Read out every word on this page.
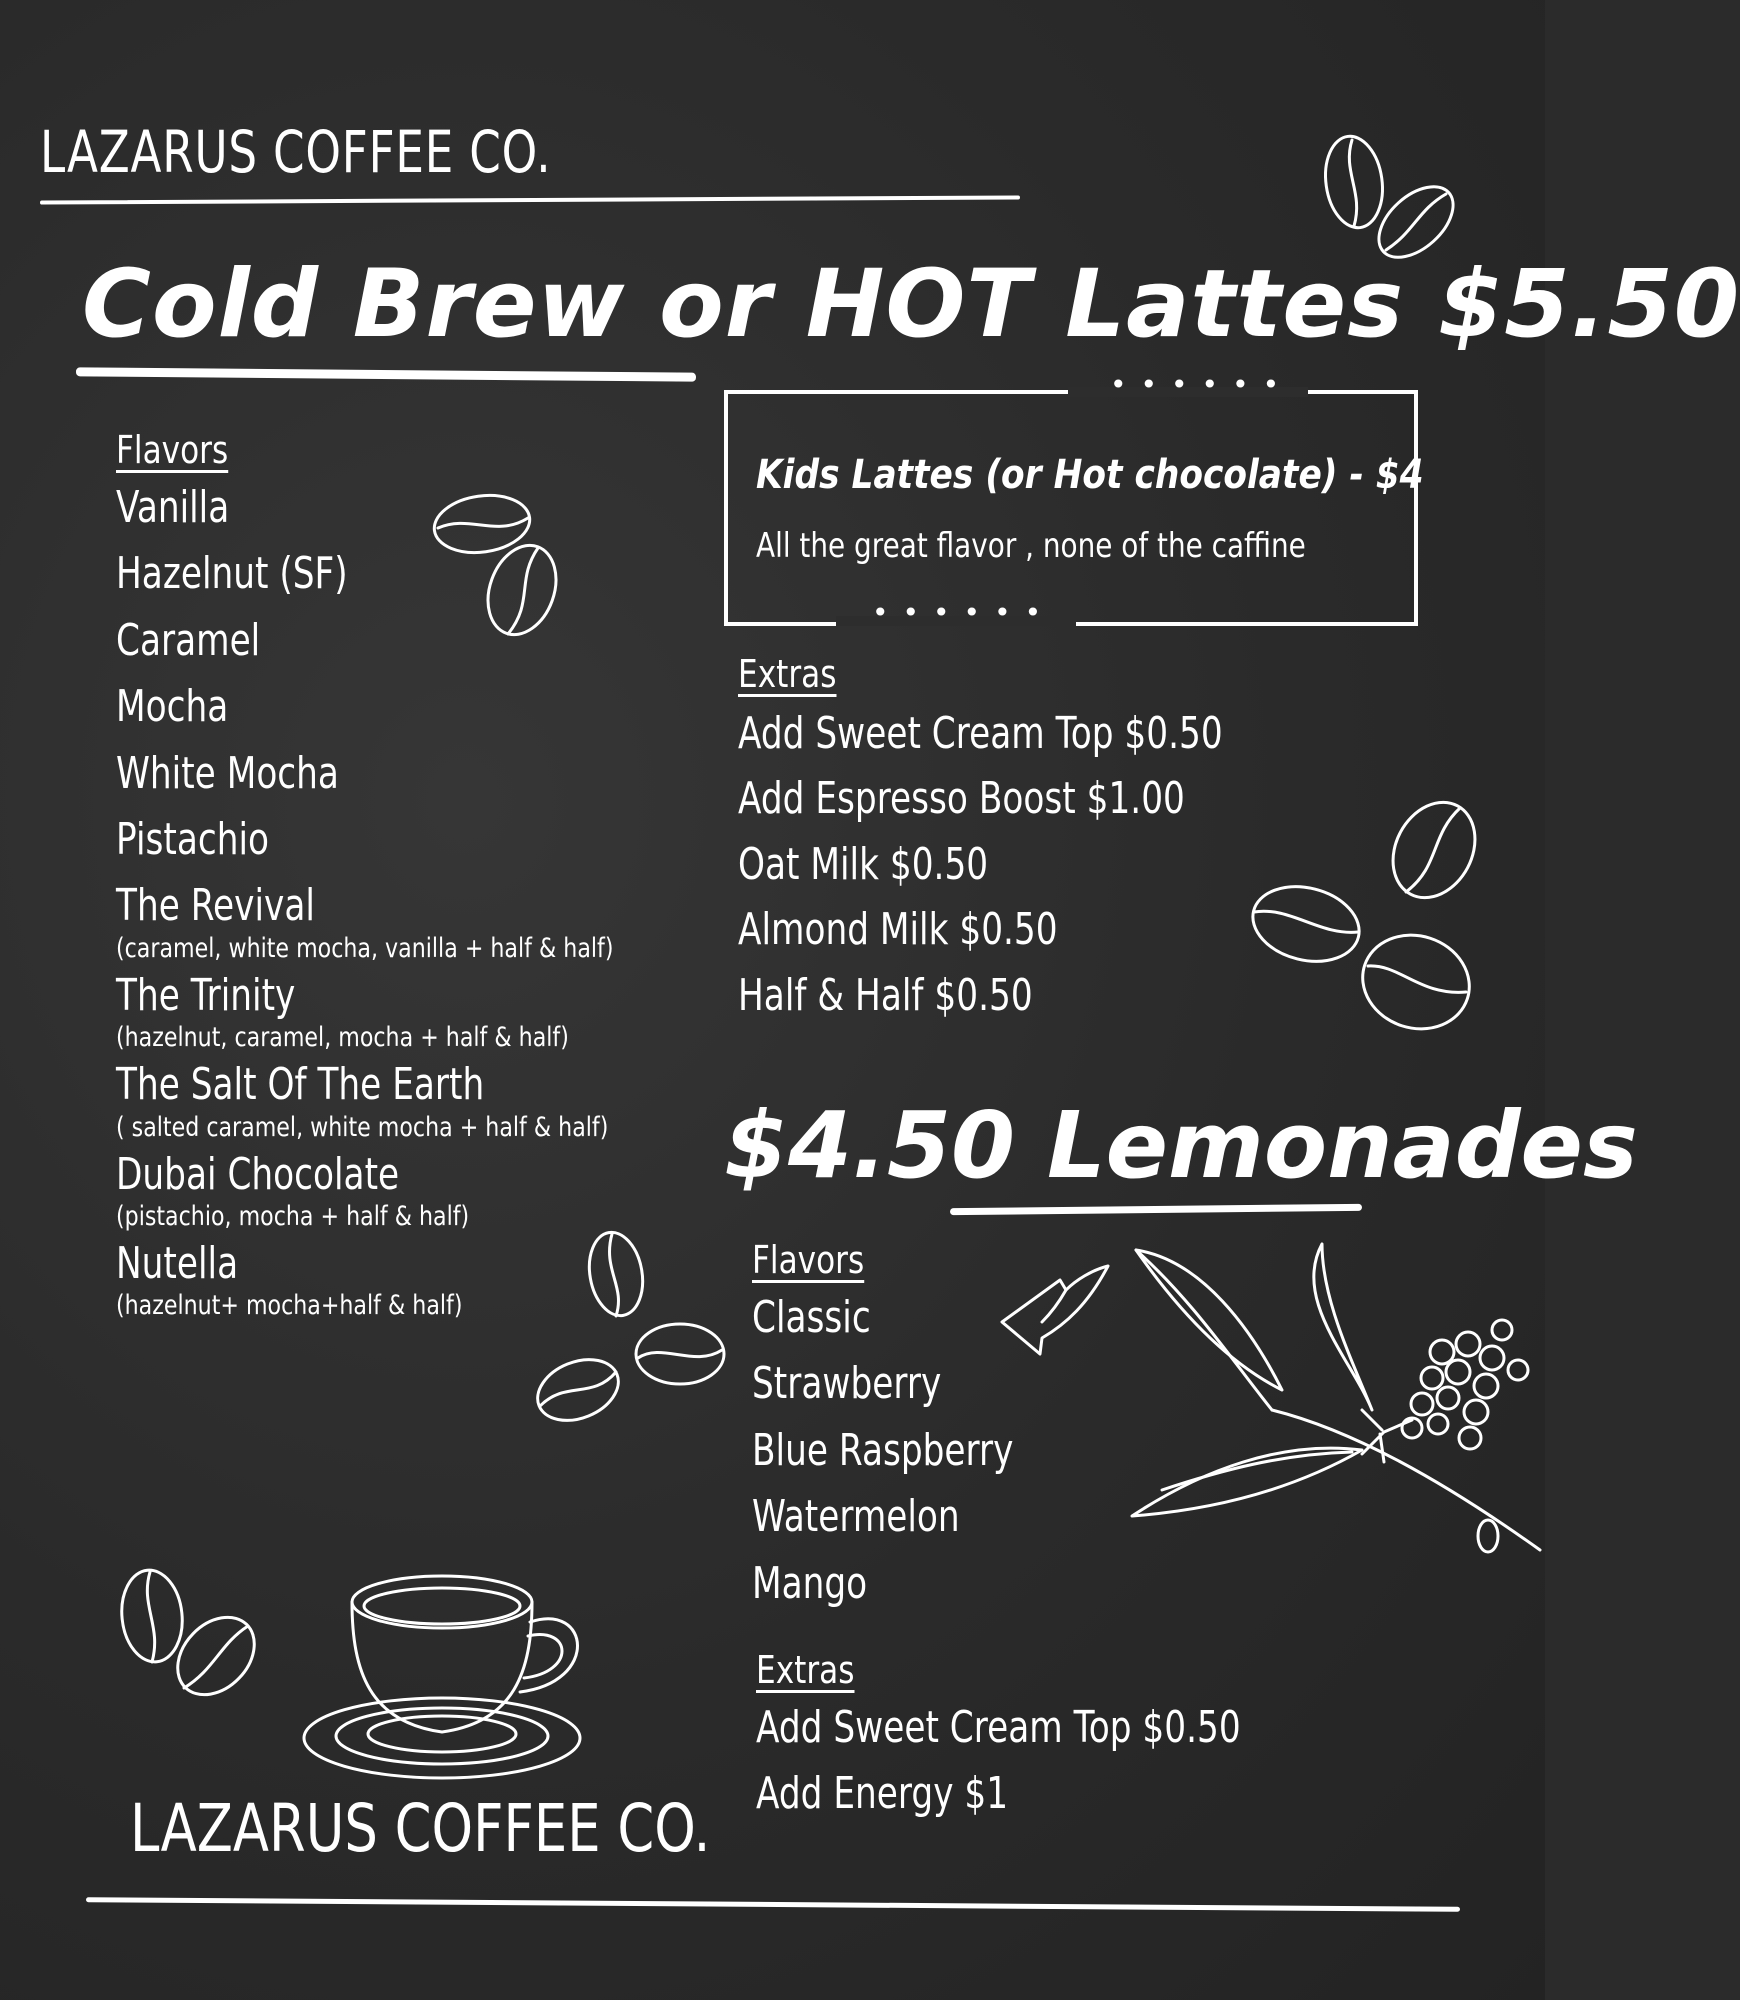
LAZARUS COFFEE CO.
Cold Brew or HOT Lattes $5.50
Flavors
Vanilla
Hazelnut (SF)
Caramel
Mocha
White Mocha
Pistachio
The Revival
(caramel, white mocha, vanilla + half & half)
The Trinity
(hazelnut, caramel, mocha + half & half)
The Salt Of The Earth
( salted caramel, white mocha + half & half)
Dubai Chocolate
(pistachio, mocha + half & half)
Nutella
(hazelnut+ mocha+half & half)
••••••
••••••
Kids Lattes (or Hot chocolate) - $4
All the great flavor , none of the caffine
Extras
Add Sweet Cream Top $0.50
Add Espresso Boost $1.00
Oat Milk $0.50
Almond Milk $0.50
Half & Half $0.50
$4.50 Lemonades
Flavors
Classic
Strawberry
Blue Raspberry
Watermelon
Mango
Extras
Add Sweet Cream Top $0.50
Add Energy $1
LAZARUS COFFEE CO.
